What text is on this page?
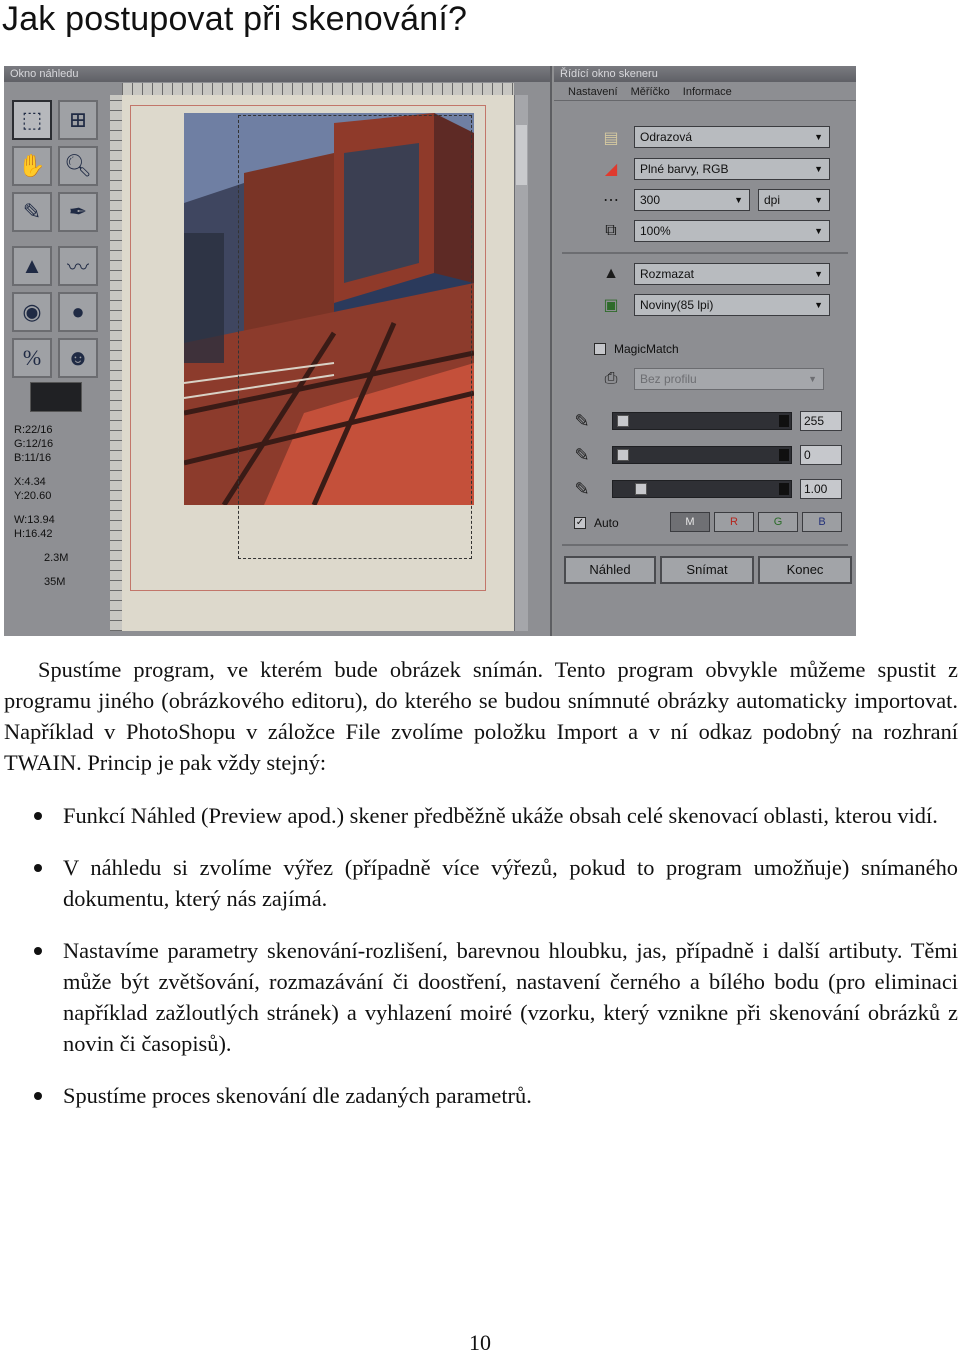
Jak postupovat při skenování?
Okno náhledu
⬚	⊞
✋ 🔍︎
✎	✒
▲	〰
◉	●
%	☻
R:22/16
G:12/16
B:11/16
X:4.34
Y:20.60
W:13.94
H:16.42
2.3M
35M
Řídící okno skeneru
Nastavení Měříčko Informace
▤	Odrazová	▼
◢	Plné barvy, RGB	▼
⋯	300	▼	dpi	▼
⧉	100%	▼
▲	Rozmazat	▼
▣	Noviny(85 lpi)	▼
MagicMatch
⎙	Bez profilu	▼
✎	255
✎	0
✎	1.00
✓ Auto	M	R	G	B
Náhled	Snímat	Konec

Spustíme program, ve kterém bude obrázek snímán. Tento program obvykle můžeme spustit z programu jiného (obrázkového editoru), do kterého se budou snímnuté obrázky automaticky importovat. Například v PhotoShopu v záložce File zvolíme položku Import a v ní odkaz podobný na rozhraní TWAIN. Princip je pak vždy stejný:

Funkcí Náhled (Preview apod.) skener předběžně ukáže obsah celé skenovací oblasti, kterou vidí.
V náhledu si zvolíme výřez (případně více výřezů, pokud to program umožňuje) snímaného dokumentu, který nás zajímá.
Nastavíme parametry skenování-rozlišení, barevnou hloubku, jas, případně i další artibuty. Těmi může být zvětšování, rozmazávání či doostření, nastavení černého a bílého bodu (pro eliminaci například zažloutlých stránek) a vyhlazení moiré (vzorku, který vznikne při skenování obrázků z novin či časopisů).
Spustíme proces skenování dle zadaných parametrů.
10
